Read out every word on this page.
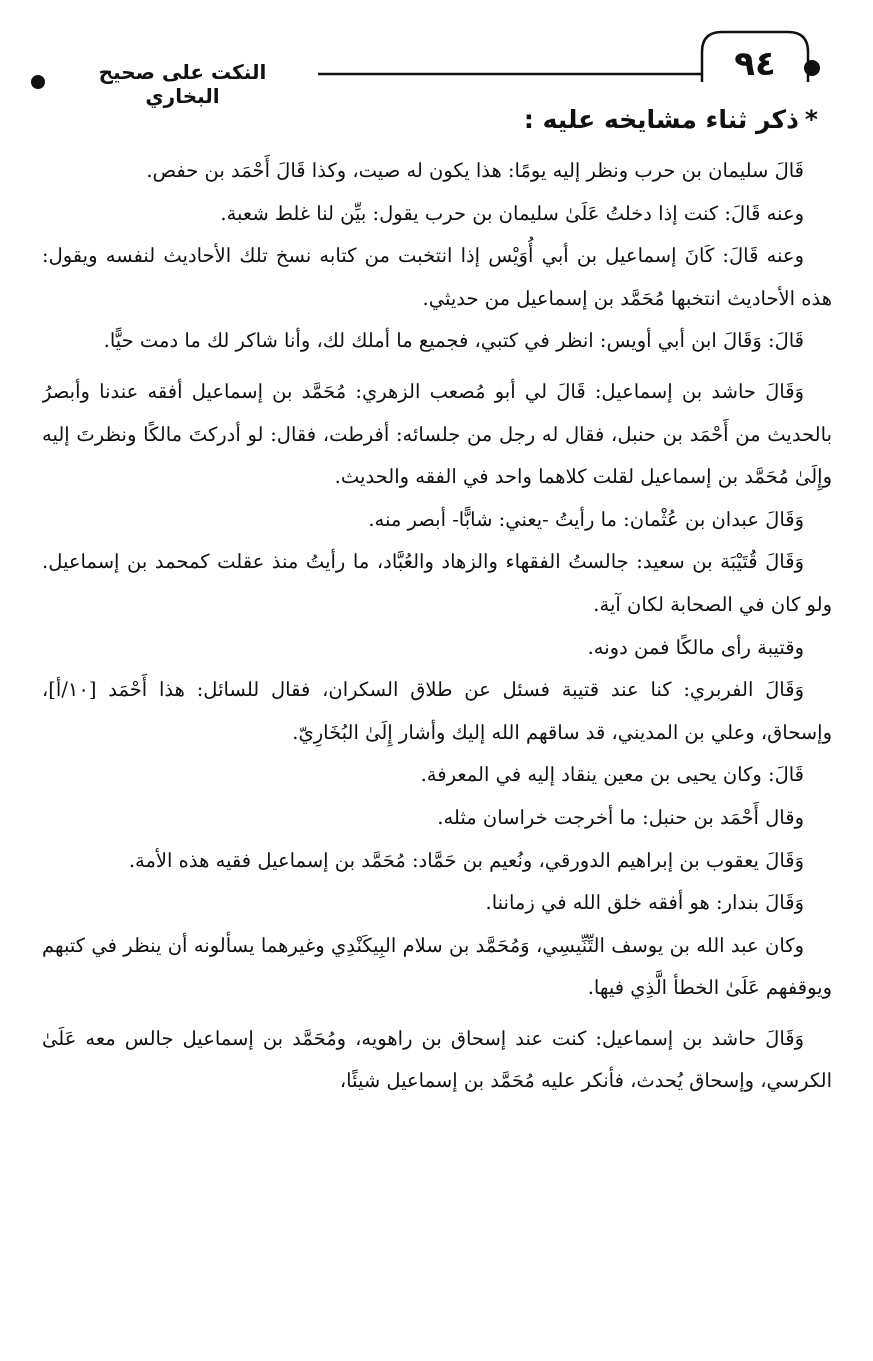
٩٤
النكت على صحيح البخاري
*ذكر ثناء مشايخه عليه :

قَالَ سليمان بن حرب ونظر إليه يومًا: هذا يكون له صيت، وكذا قَالَ أَحْمَد بن حفص.

وعنه قَالَ: كنت إذا دخلتُ عَلَىٰ سليمان بن حرب يقول: بيِّن لنا غلط شعبة.

وعنه قَالَ: كَانَ إسماعيل بن أبي أُوَيْس إذا انتخبت من كتابه نسخ تلك الأحاديث لنفسه ويقول: هذه الأحاديث انتخبها مُحَمَّد بن إسماعيل من حديثي.

قَالَ: وَقَالَ ابن أبي أويس: انظر في كتبي، فجميع ما أملك لك، وأنا شاكر لك ما دمت حيًّا.

وَقَالَ حاشد بن إسماعيل: قَالَ لي أبو مُصعب الزهري: مُحَمَّد بن إسماعيل أفقه عندنا وأبصرُ بالحديث من أَحْمَد بن حنبل، فقال له رجل من جلسائه: أفرطت، فقال: لو أدركتَ مالكًا ونظرتَ إليه وإِلَىٰ مُحَمَّد بن إسماعيل لقلت كلاهما واحد في الفقه والحديث.

وَقَالَ عبدان بن عُثْمان: ما رأيتُ -يعني: شابًّا- أبصر منه.

وَقَالَ قُتَيْبَة بن سعيد: جالستُ الفقهاء والزهاد والعُبَّاد، ما رأيتُ منذ عقلت كمحمد بن إسماعيل. ولو كان في الصحابة لكان آية.

وقتيبة رأى مالكًا فمن دونه.

وَقَالَ الفربري: كنا عند قتيبة فسئل عن طلاق السكران، فقال للسائل: هذا أَحْمَد [١٠/أ]، وإسحاق، وعلي بن المديني، قد ساقهم الله إليك وأشار إِلَىٰ البُخَارِيّ.

قَالَ: وكان يحيى بن معين ينقاد إليه في المعرفة.

وقال أَحْمَد بن حنبل: ما أخرجت خراسان مثله.

وَقَالَ يعقوب بن إبراهيم الدورقي، ونُعيم بن حَمَّاد: مُحَمَّد بن إسماعيل فقيه هذه الأمة.

وَقَالَ بندار: هو أفقه خلق الله في زماننا.

وكان عبد الله بن يوسف التِّنِّيسِي، وَمُحَمَّد بن سلام البِيكَنْدِي وغيرهما يسألونه أن ينظر في كتبهم ويوقفهم عَلَىٰ الخطأ الَّذِي فيها.

وَقَالَ حاشد بن إسماعيل: كنت عند إسحاق بن راهويه، ومُحَمَّد بن إسماعيل جالس معه عَلَىٰ الكرسي، وإسحاق يُحدث، فأنكر عليه مُحَمَّد بن إسماعيل شيئًا،
